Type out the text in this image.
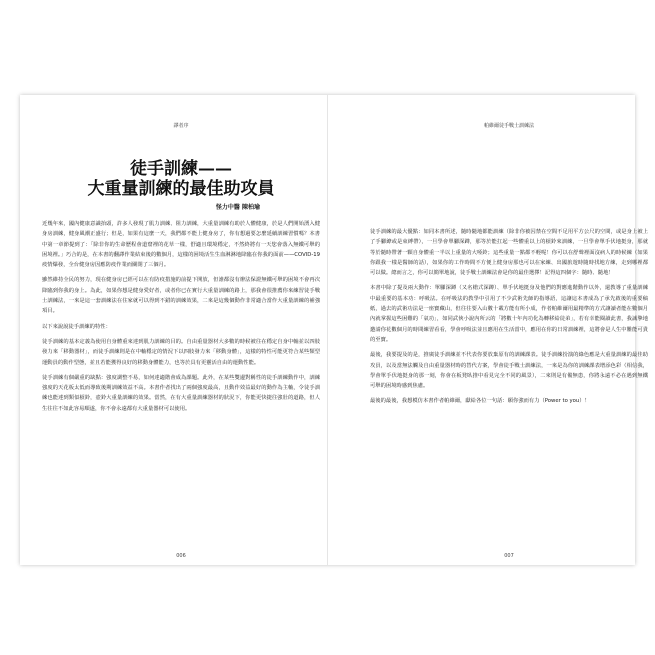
譯者序

徒手訓練——

大重量訓練的最佳助攻員

怪力中醫 陳柏瑜

近幾年來，國內健康意識抬頭，許多人發現了肌力訓練、阻力訓練，大重量訓練有助於人體健康，於是人們開始湧入健身房訓練，健身風潮正盛行；但是，如果有這麼一天，我們都不能上健身房了，你有想過要怎麼延續訓練習慣嗎？本書中第一章節提到了：「除非你的生命歷程會道窟裡的花草一樣，舒適且環境穩定，不然終將有一天您會落入無鐵可舉的困境裡。」巧合的是，在本書的翻譯作業結束後的數個月，這樣的困境活生生血淋淋地降臨在你我的面前——COVID-19 疫情爆發，全台健身房因應防疫作業而關閉了三個月。

雖然維持全民的努力，現在健身房已經可以在有防疫措施的前提下開放，但誰都沒有辦法保證無鐵可舉的困境不會再次降臨到你我的身上。為此，如果你想是健身愛好者，或者你已在實行大重量訓練的路上，那我會很推薦你來練習徒手戰士訓練法，一來是這一套訓練法在住家就可以得到不錯的訓練效果，二來是這幾個動作非常適合當作大重量訓練的補強項目。

以下來說說徒手訓練的特性：

徒手訓練的基本定義為使用自身體重來達到肌力訓練的目的。自由重量器材大多數的時候被往在穩定自身中軸並以四肢發力來「移動器材」，而徒手訓練則是在中軸穩定的情況下以四肢發力來「移動身體」，這樣的特性可能更符合某些類型運動員的動作型態，並且若能獲得良好的移動身體能力，也等於具有更靈活自由的運動性能。

徒手訓練有個嚴重的缺點：強度調整不易，如何達適階會成為課題。此外，在某些雙邊對稱性的徒手訓練動作中，訓練強度的天花板太低而導致後期訓練效益不高。本書作者找出了兩個強度最高，且動作效益最好的動作為主軸，令徒手訓練也能達到類似槓鈴，壺鈴大重量訓練的效果。當然，在有大重量訓練器材的狀況下，你能更快捷往強壯的道路，但人生往往不如此容易順遂，你不會永遠都有大重量器材可以使用。

006
帕維爾徒手戰士訓練法

徒手訓練的最大優點：如同本書所述，隨時隨地都能訓練（除非你被囚禁在空間不足用平方公尺的空間，或是身上被上了手腳鐐或是束縛帶），一旦學會單腳深蹲，那等於能扛起一些體重以上的槓鈴來訓練，一旦學會單手伏地挺身，那就等於隨時帶著一顆自身體重一半以上重量的大啞鈴；這些重量一點都不輕呢！你可以在舒聲裡面沒病人的時候練（如果你跟我一樣是醫師的話），如果你的工作時間不方便上健身房那也可以在家練、出國旅遊時隨時找地方練，走到哪裡都可以做。總而言之，你可以簡單地說，徒手戰士訓練法會是你的最佳選擇！記得這四個字：隨時、隨地！

本書中除了提及兩大動作：單腳深蹲（又名槍式深蹲）、單手伏地挺身及他們的對應進階動作以外，還教導了重量訓練中最重要的基本功：呼吸法。在呼吸法的教學中引用了不少武術先師的指導語，這讓這本書成為了承先啟後的重要稿紙，過去的武術功法是一座寶藏山，但往往要入山數十載方能有所小成，作者帕維爾用最精準的方式讓讀者能在數個月內就掌握這些困難的「氣功」，如同武俠小說內所云的「將數十年內功化為轉移給徒弟」，若有幸能閱讀此書，我誠摯地邀請你花數個月的時間練習看看，學會呼吸法並且應用在生活當中，應用在你的日常訓練裡，這將會是人生中難能可貴的至寶。

最後，我要提及的是，推廣徒手訓練並不代表你要放棄原有的訓練課表。徒手訓練扮演的綠色應是大重量訓練的最佳助攻員，以及當無法觸及自由重量器材時的替代方案，學會徒手戰士訓練法，一來是為你的訓練課表增添色彩（相信我，學會單手伏地挺身的那一刻，你會在板凳臥推中看見完全不同的風景），二來則是有備無患，你將永遠不必在遇到無鐵可舉的困境時感到焦慮。

最後的最後，我想模仿本書作者帕維爾，獻給各位一句話：願你強而有力（Power to you）！

007
